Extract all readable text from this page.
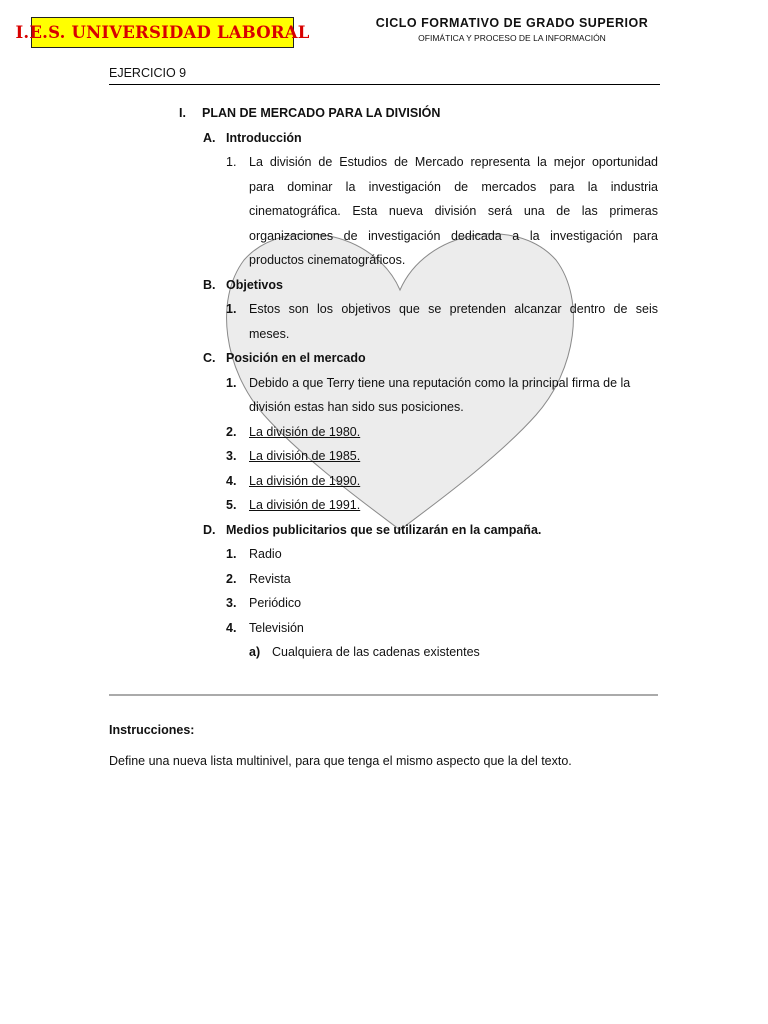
I.E.S. UNIVERSIDAD LABORAL	CICLO FORMATIVO DE GRADO SUPERIOR
OFIMÁTICA Y PROCESO DE LA INFORMACIÓN
EJERCICIO 9
I. PLAN DE MERCADO PARA LA DIVISIÓN
A. Introducción
1. La división de Estudios de Mercado representa la mejor oportunidad
para dominar la investigación de mercados para la industria
cinematográfica. Esta nueva división será una de las primeras
organizaciones de investigación dedicada a la investigación para
productos cinematográficos.
B. Objetivos
1. Estos son los objetivos que se pretenden alcanzar dentro de seis
meses.
C. Posición en el mercado
1. Debido a que Terry tiene una reputación como la principal firma de la
división estas han sido sus posiciones.
2. La división de 1980.
3. La división de 1985.
4. La división de 1990.
5. La división de 1991.
D. Medios publicitarios que se utilizarán en la campaña.
1. Radio
2. Revista
3. Periódico
4. Televisión
a) Cualquiera de las cadenas existentes
Instrucciones:
Define una nueva lista multinivel, para que tenga el mismo aspecto que la del texto.
